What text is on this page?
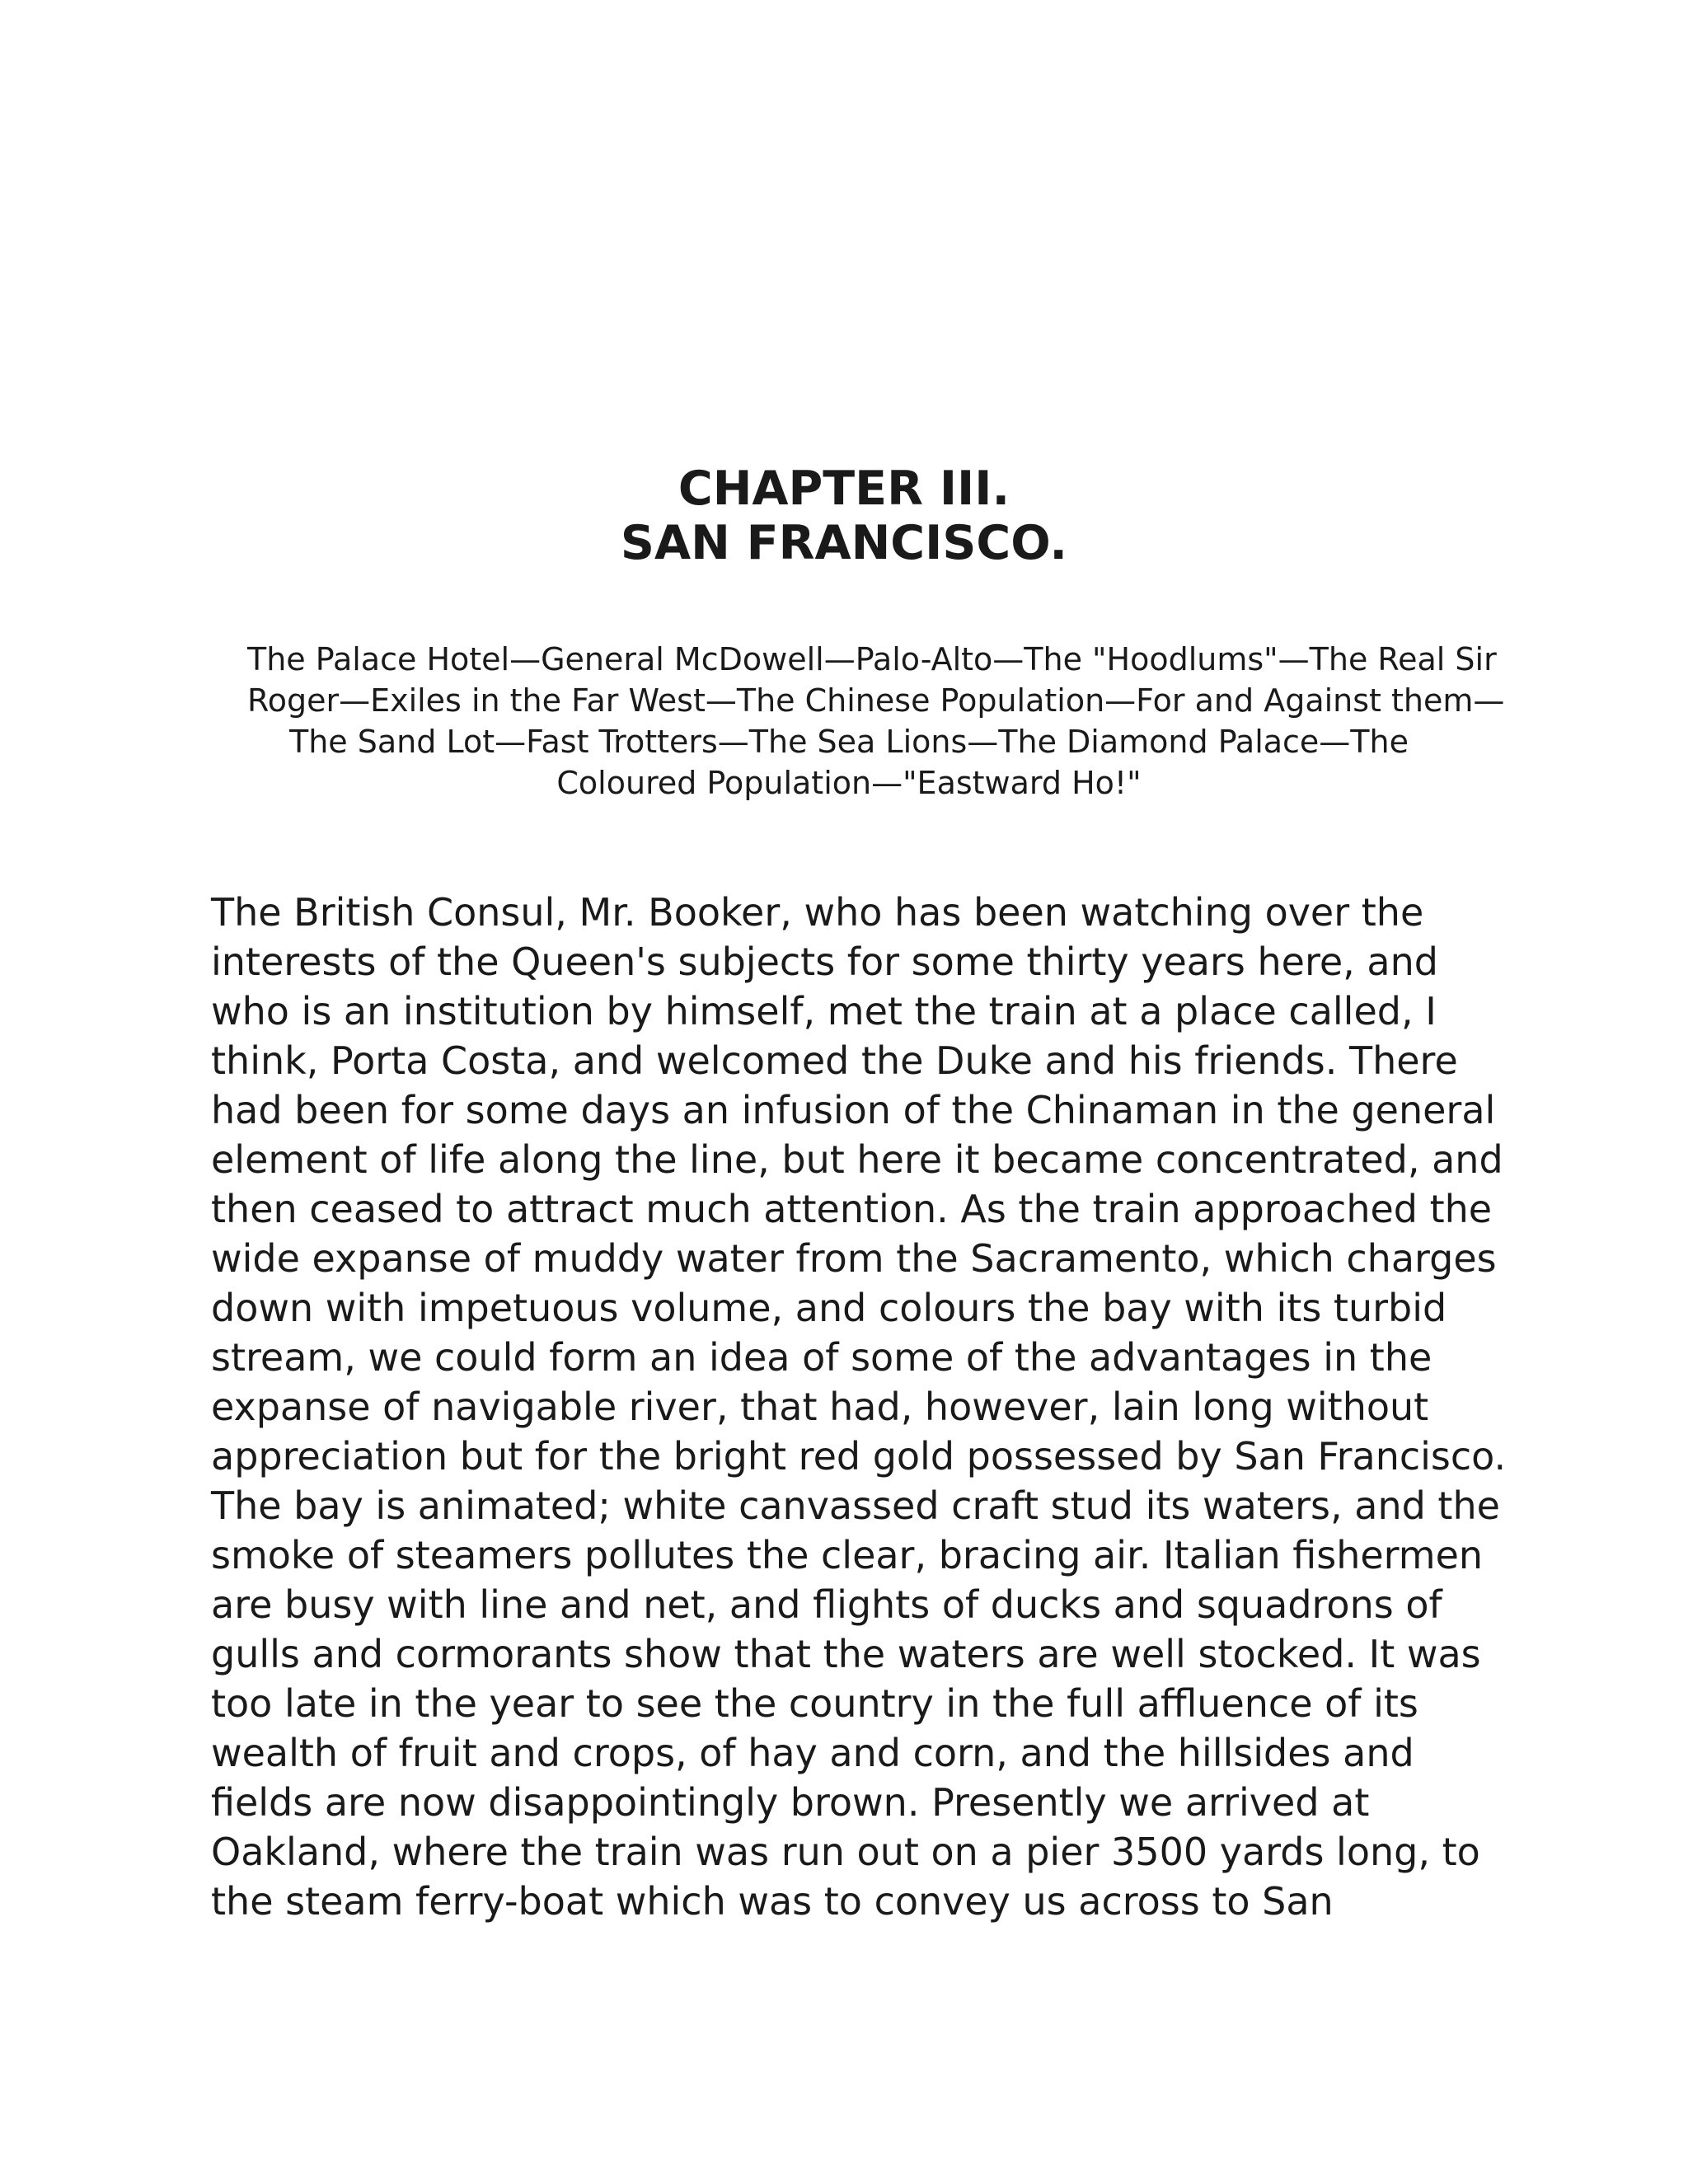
CHAPTER III.
SAN FRANCISCO.

The Palace Hotel—General McDowell—Palo-Alto—The "Hoodlums"—The Real Sir
Roger—Exiles in the Far West—The Chinese Population—For and Against them—
The Sand Lot—Fast Trotters—The Sea Lions—The Diamond Palace—The
Coloured Population—"Eastward Ho!"

The British Consul, Mr. Booker, who has been watching over the
interests of the Queen's subjects for some thirty years here, and
who is an institution by himself, met the train at a place called, I
think, Porta Costa, and welcomed the Duke and his friends. There
had been for some days an infusion of the Chinaman in the general
element of life along the line, but here it became concentrated, and
then ceased to attract much attention. As the train approached the
wide expanse of muddy water from the Sacramento, which charges
down with impetuous volume, and colours the bay with its turbid
stream, we could form an idea of some of the advantages in the
expanse of navigable river, that had, however, lain long without
appreciation but for the bright red gold possessed by San Francisco.
The bay is animated; white canvassed craft stud its waters, and the
smoke of steamers pollutes the clear, bracing air. Italian fishermen
are busy with line and net, and flights of ducks and squadrons of
gulls and cormorants show that the waters are well stocked. It was
too late in the year to see the country in the full affluence of its
wealth of fruit and crops, of hay and corn, and the hillsides and
fields are now disappointingly brown. Presently we arrived at
Oakland, where the train was run out on a pier 3500 yards long, to
the steam ferry-boat which was to convey us across to San
